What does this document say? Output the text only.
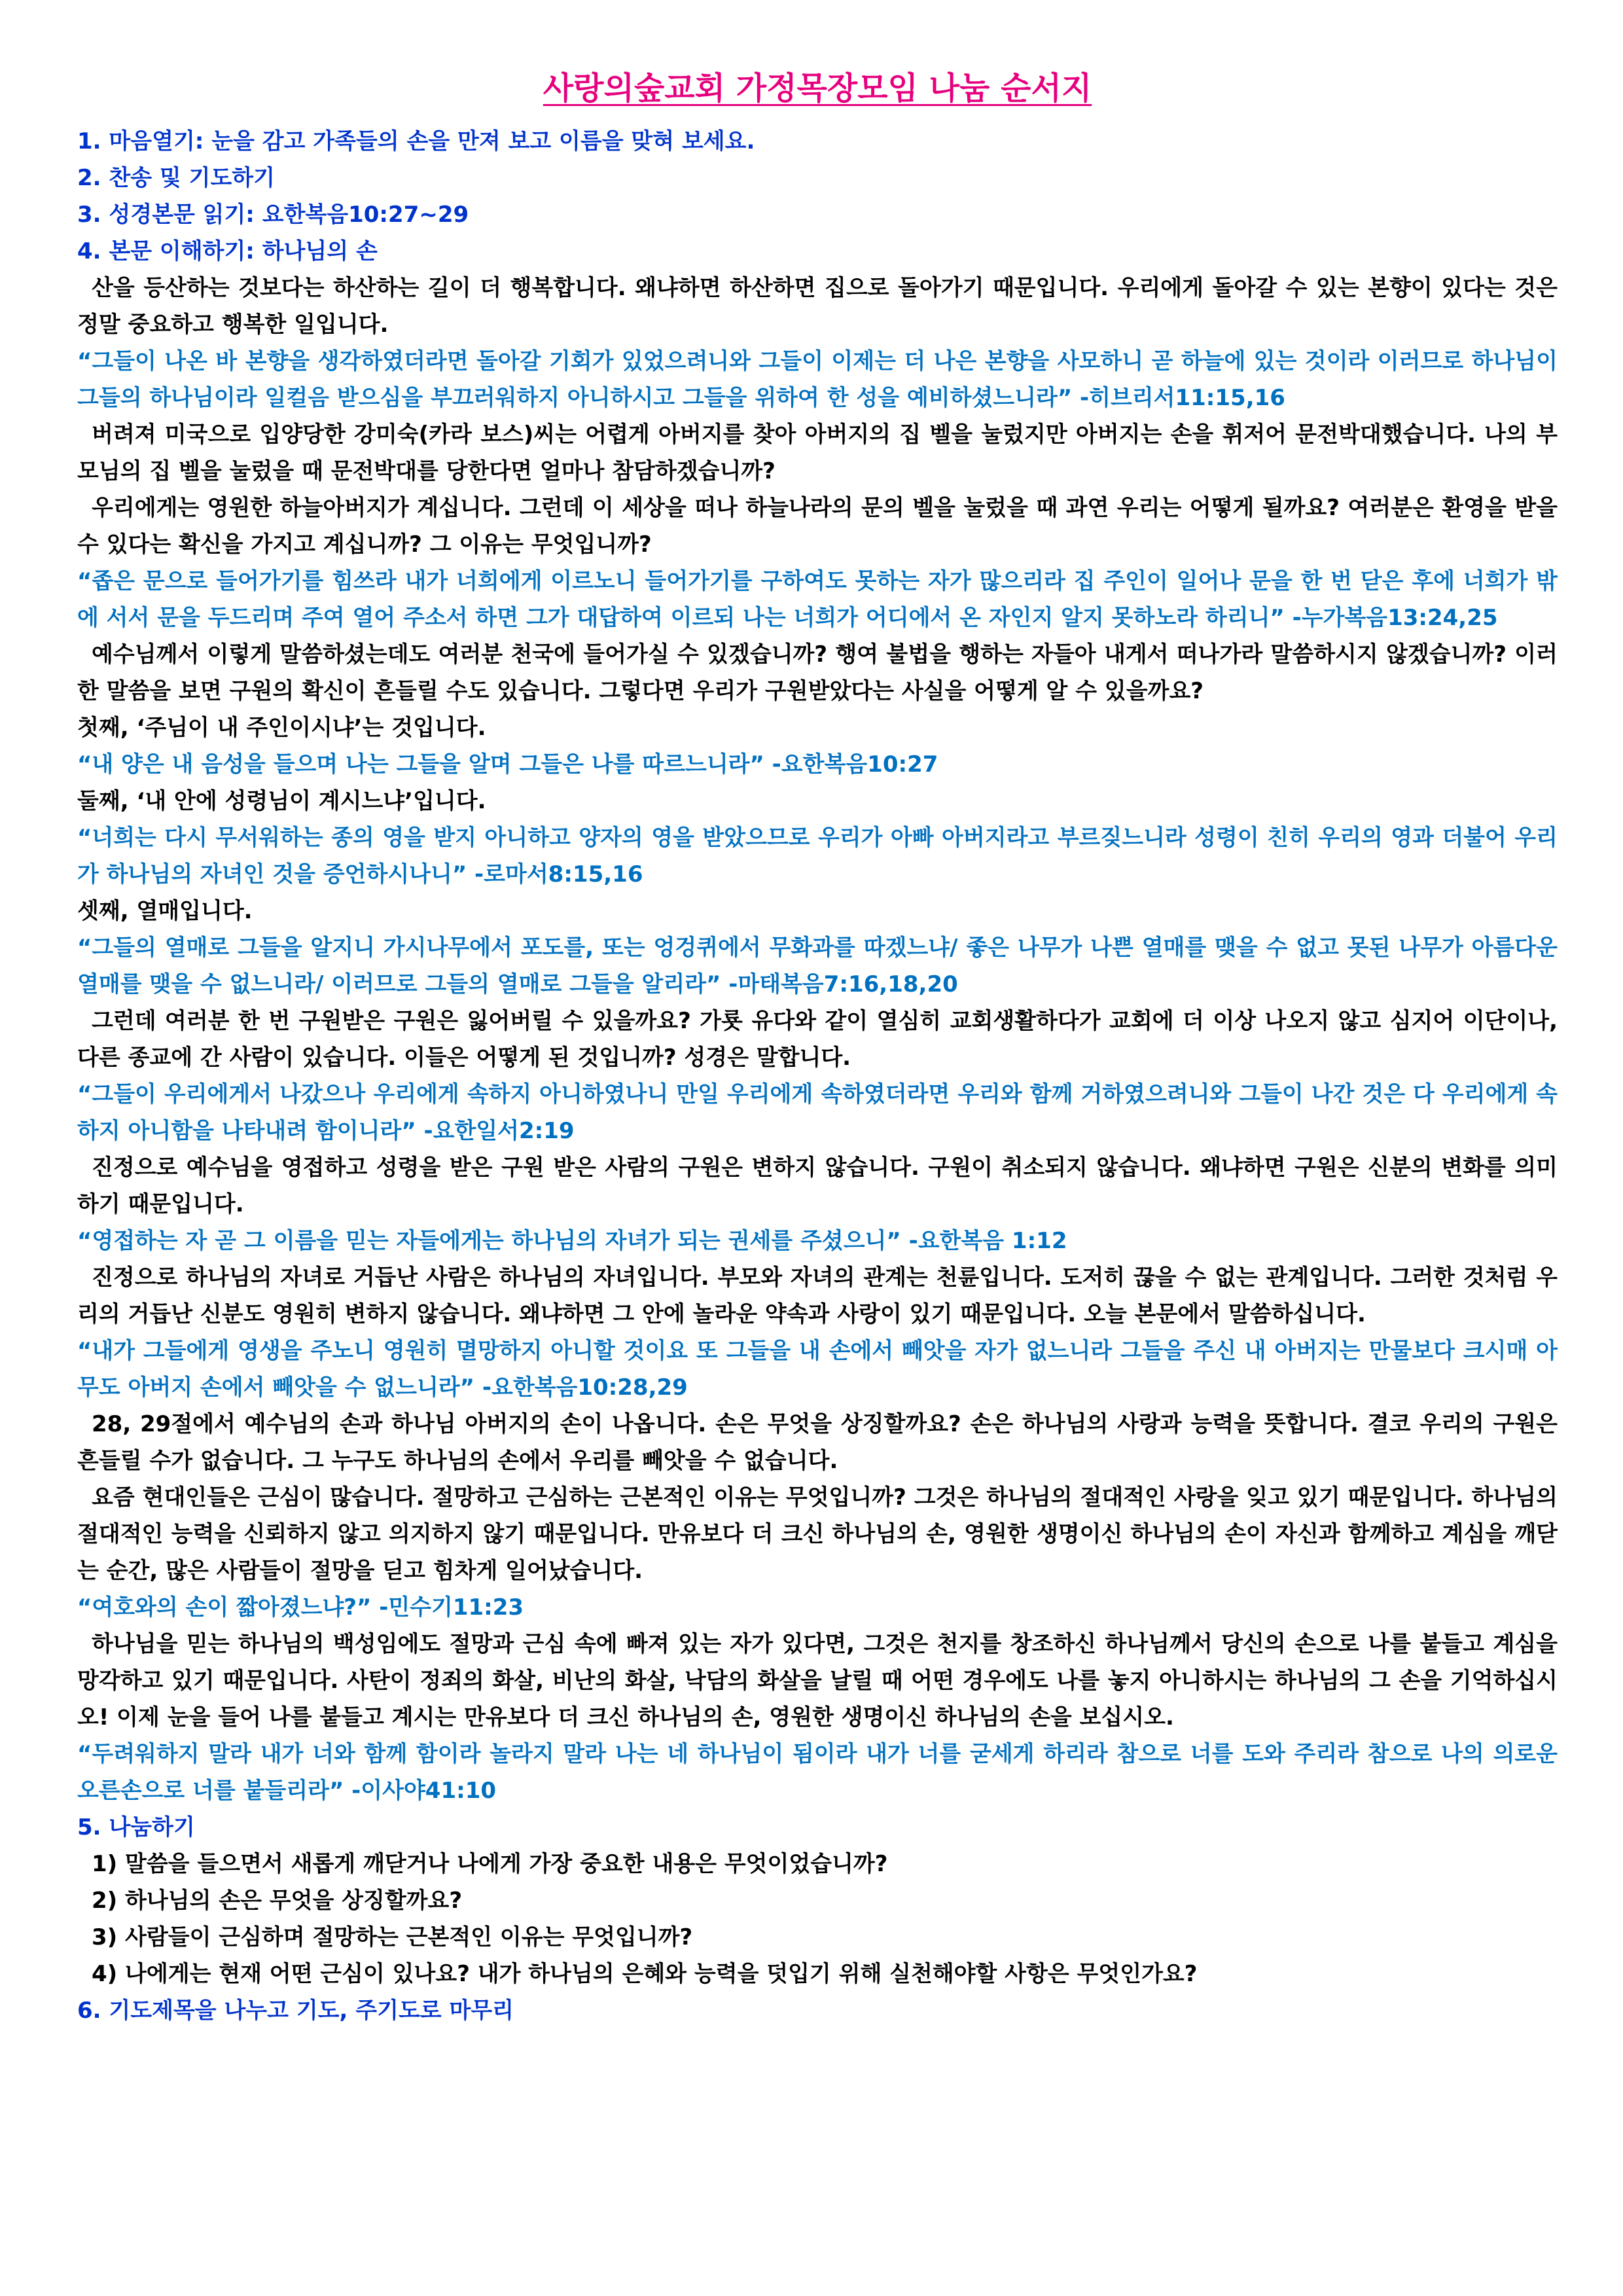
사랑의숲교회 가정목장모임 나눔 순서지

1. 마음열기: 눈을 감고 가족들의 손을 만져 보고 이름을 맞혀 보세요.

2. 찬송 및 기도하기

3. 성경본문 읽기: 요한복음10:27~29

4. 본문 이해하기: 하나님의 손

산을 등산하는 것보다는 하산하는 길이 더 행복합니다. 왜냐하면 하산하면 집으로 돌아가기 때문입니다. 우리에게 돌아갈 수 있는 본향이 있다는 것은 정말 중요하고 행복한 일입니다.

“그들이 나온 바 본향을 생각하였더라면 돌아갈 기회가 있었으려니와 그들이 이제는 더 나은 본향을 사모하니 곧 하늘에 있는 것이라 이러므로 하나님이 그들의 하나님이라 일컬음 받으심을 부끄러워하지 아니하시고 그들을 위하여 한 성을 예비하셨느니라” -히브리서11:15,16

버려져 미국으로 입양당한 강미숙(카라 보스)씨는 어렵게 아버지를 찾아 아버지의 집 벨을 눌렀지만 아버지는 손을 휘저어 문전박대했습니다. 나의 부모님의 집 벨을 눌렀을 때 문전박대를 당한다면 얼마나 참담하겠습니까?

우리에게는 영원한 하늘아버지가 계십니다. 그런데 이 세상을 떠나 하늘나라의 문의 벨을 눌렀을 때 과연 우리는 어떻게 될까요? 여러분은 환영을 받을 수 있다는 확신을 가지고 계십니까? 그 이유는 무엇입니까?

“좁은 문으로 들어가기를 힘쓰라 내가 너희에게 이르노니 들어가기를 구하여도 못하는 자가 많으리라 집 주인이 일어나 문을 한 번 닫은 후에 너희가 밖에 서서 문을 두드리며 주여 열어 주소서 하면 그가 대답하여 이르되 나는 너희가 어디에서 온 자인지 알지 못하노라 하리니” -누가복음13:24,25

예수님께서 이렇게 말씀하셨는데도 여러분 천국에 들어가실 수 있겠습니까? 행여 불법을 행하는 자들아 내게서 떠나가라 말씀하시지 않겠습니까? 이러한 말씀을 보면 구원의 확신이 흔들릴 수도 있습니다. 그렇다면 우리가 구원받았다는 사실을 어떻게 알 수 있을까요?

첫째, ‘주님이 내 주인이시냐’는 것입니다.

“내 양은 내 음성을 들으며 나는 그들을 알며 그들은 나를 따르느니라” -요한복음10:27

둘째, ‘내 안에 성령님이 계시느냐’입니다.

“너희는 다시 무서워하는 종의 영을 받지 아니하고 양자의 영을 받았으므로 우리가 아빠 아버지라고 부르짖느니라 성령이 친히 우리의 영과 더불어 우리가 하나님의 자녀인 것을 증언하시나니” -로마서8:15,16

셋째, 열매입니다.

“그들의 열매로 그들을 알지니 가시나무에서 포도를, 또는 엉겅퀴에서 무화과를 따겠느냐/ 좋은 나무가 나쁜 열매를 맺을 수 없고 못된 나무가 아름다운 열매를 맺을 수 없느니라/ 이러므로 그들의 열매로 그들을 알리라” -마태복음7:16,18,20

그런데 여러분 한 번 구원받은 구원은 잃어버릴 수 있을까요? 가룟 유다와 같이 열심히 교회생활하다가 교회에 더 이상 나오지 않고 심지어 이단이나, 다른 종교에 간 사람이 있습니다. 이들은 어떻게 된 것입니까? 성경은 말합니다.

“그들이 우리에게서 나갔으나 우리에게 속하지 아니하였나니 만일 우리에게 속하였더라면 우리와 함께 거하였으려니와 그들이 나간 것은 다 우리에게 속하지 아니함을 나타내려 함이니라” -요한일서2:19

진정으로 예수님을 영접하고 성령을 받은 구원 받은 사람의 구원은 변하지 않습니다. 구원이 취소되지 않습니다. 왜냐하면 구원은 신분의 변화를 의미하기 때문입니다.

“영접하는 자 곧 그 이름을 믿는 자들에게는 하나님의 자녀가 되는 권세를 주셨으니” -요한복음 1:12

진정으로 하나님의 자녀로 거듭난 사람은 하나님의 자녀입니다. 부모와 자녀의 관계는 천륜입니다. 도저히 끊을 수 없는 관계입니다. 그러한 것처럼 우리의 거듭난 신분도 영원히 변하지 않습니다. 왜냐하면 그 안에 놀라운 약속과 사랑이 있기 때문입니다. 오늘 본문에서 말씀하십니다.

“내가 그들에게 영생을 주노니 영원히 멸망하지 아니할 것이요 또 그들을 내 손에서 빼앗을 자가 없느니라 그들을 주신 내 아버지는 만물보다 크시매 아무도 아버지 손에서 빼앗을 수 없느니라” -요한복음10:28,29

28, 29절에서 예수님의 손과 하나님 아버지의 손이 나옵니다. 손은 무엇을 상징할까요? 손은 하나님의 사랑과 능력을 뜻합니다. 결코 우리의 구원은 흔들릴 수가 없습니다. 그 누구도 하나님의 손에서 우리를 빼앗을 수 없습니다.

요즘 현대인들은 근심이 많습니다. 절망하고 근심하는 근본적인 이유는 무엇입니까? 그것은 하나님의 절대적인 사랑을 잊고 있기 때문입니다. 하나님의 절대적인 능력을 신뢰하지 않고 의지하지 않기 때문입니다. 만유보다 더 크신 하나님의 손, 영원한 생명이신 하나님의 손이 자신과 함께하고 계심을 깨닫는 순간, 많은 사람들이 절망을 딛고 힘차게 일어났습니다.

“여호와의 손이 짧아졌느냐?” -민수기11:23

하나님을 믿는 하나님의 백성임에도 절망과 근심 속에 빠져 있는 자가 있다면, 그것은 천지를 창조하신 하나님께서 당신의 손으로 나를 붙들고 계심을 망각하고 있기 때문입니다. 사탄이 정죄의 화살, 비난의 화살, 낙담의 화살을 날릴 때 어떤 경우에도 나를 놓지 아니하시는 하나님의 그 손을 기억하십시오! 이제 눈을 들어 나를 붙들고 계시는 만유보다 더 크신 하나님의 손, 영원한 생명이신 하나님의 손을 보십시오.

“두려워하지 말라 내가 너와 함께 함이라 놀라지 말라 나는 네 하나님이 됨이라 내가 너를 굳세게 하리라 참으로 너를 도와 주리라 참으로 나의 의로운 오른손으로 너를 붙들리라” -이사야41:10

5. 나눔하기

1) 말씀을 들으면서 새롭게 깨닫거나 나에게 가장 중요한 내용은 무엇이었습니까?

2) 하나님의 손은 무엇을 상징할까요?

3) 사람들이 근심하며 절망하는 근본적인 이유는 무엇입니까?

4) 나에게는 현재 어떤 근심이 있나요? 내가 하나님의 은혜와 능력을 덧입기 위해 실천해야할 사항은 무엇인가요?

6. 기도제목을 나누고 기도, 주기도로 마무리
